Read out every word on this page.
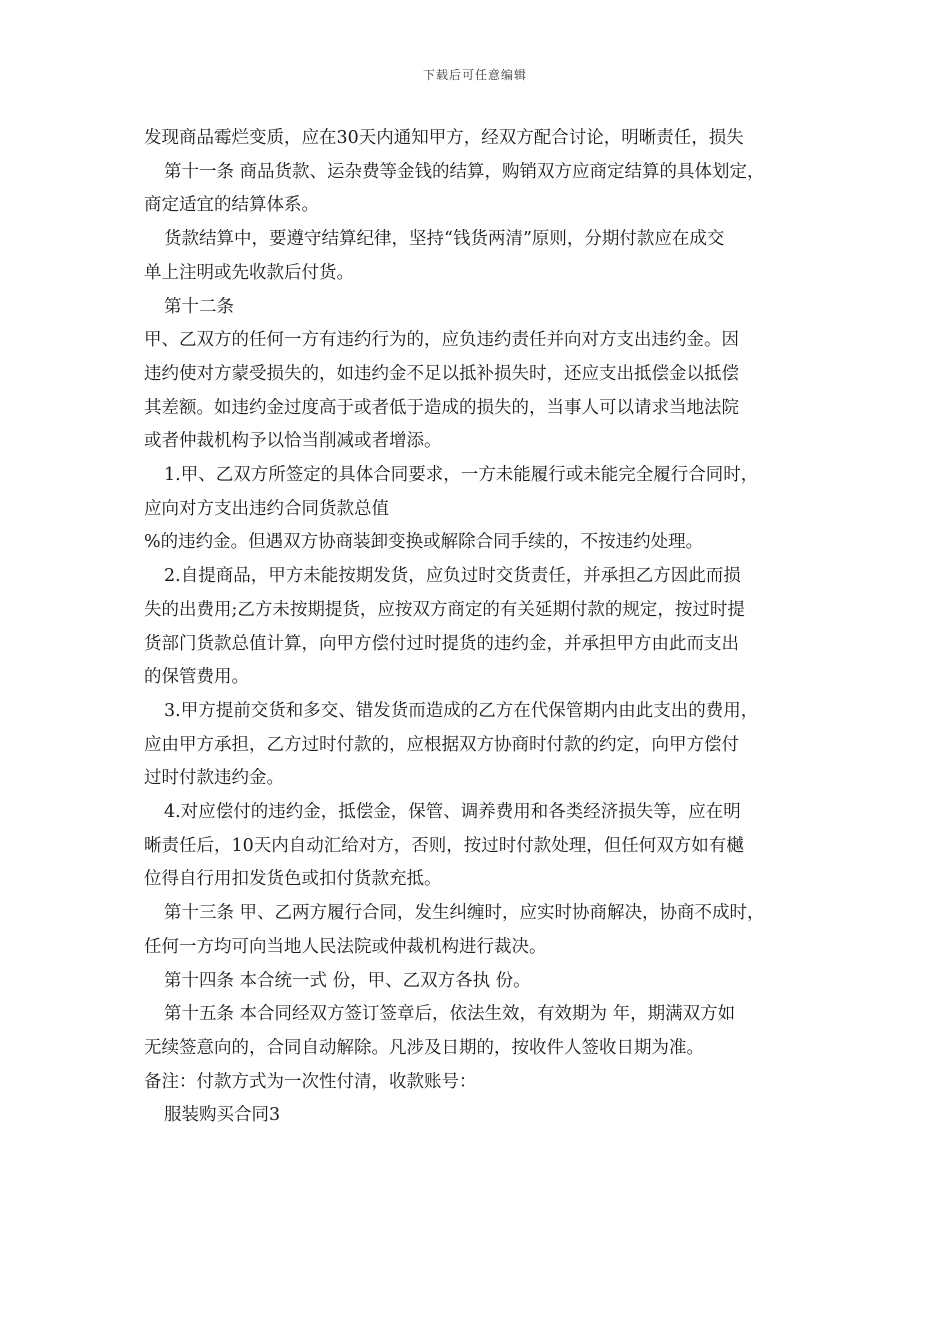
下载后可任意编辑

发现商品霉烂变质，应在30天内通知甲方，经双方配合讨论，明晰责任，损失

第十一条 商品货款、运杂费等金钱的结算，购销双方应商定结算的具体划定，

商定适宜的结算体系。

货款结算中，要遵守结算纪律，坚持“钱货两清”原则，分期付款应在成交

单上注明或先收款后付货。

第十二条

甲、乙双方的任何一方有违约行为的，应负违约责任并向对方支出违约金。因

违约使对方蒙受损失的，如违约金不足以抵补损失时，还应支出抵偿金以抵偿

其差额。如违约金过度高于或者低于造成的损失的，当事人可以请求当地法院

或者仲裁机构予以恰当削减或者增添。

1.甲、乙双方所签定的具体合同要求，一方未能履行或未能完全履行合同时，

应向对方支出违约合同货款总值

%的违约金。但遇双方协商装卸变换或解除合同手续的，不按违约处理。

2.自提商品，甲方未能按期发货，应负过时交货责任，并承担乙方因此而损

失的出费用;乙方未按期提货，应按双方商定的有关延期付款的规定，按过时提

货部门货款总值计算，向甲方偿付过时提货的违约金，并承担甲方由此而支出

的保管费用。

3.甲方提前交货和多交、错发货而造成的乙方在代保管期内由此支出的费用，

应由甲方承担，乙方过时付款的，应根据双方协商时付款的约定，向甲方偿付

过时付款违约金。

4.对应偿付的违约金，抵偿金，保管、调养费用和各类经济损失等，应在明

晰责任后，10天内自动汇给对方，否则，按过时付款处理，但任何双方如有樾

位得自行用扣发货色或扣付货款充抵。

第十三条 甲、乙两方履行合同，发生纠缠时，应实时协商解决，协商不成时，

任何一方均可向当地人民法院或仲裁机构进行裁决。

第十四条 本合统一式 份，甲、乙双方各执 份。

第十五条 本合同经双方签订签章后，依法生效，有效期为 年，期满双方如

无续签意向的，合同自动解除。凡涉及日期的，按收件人签收日期为准。

备注：付款方式为一次性付清，收款账号：

服装购买合同3
